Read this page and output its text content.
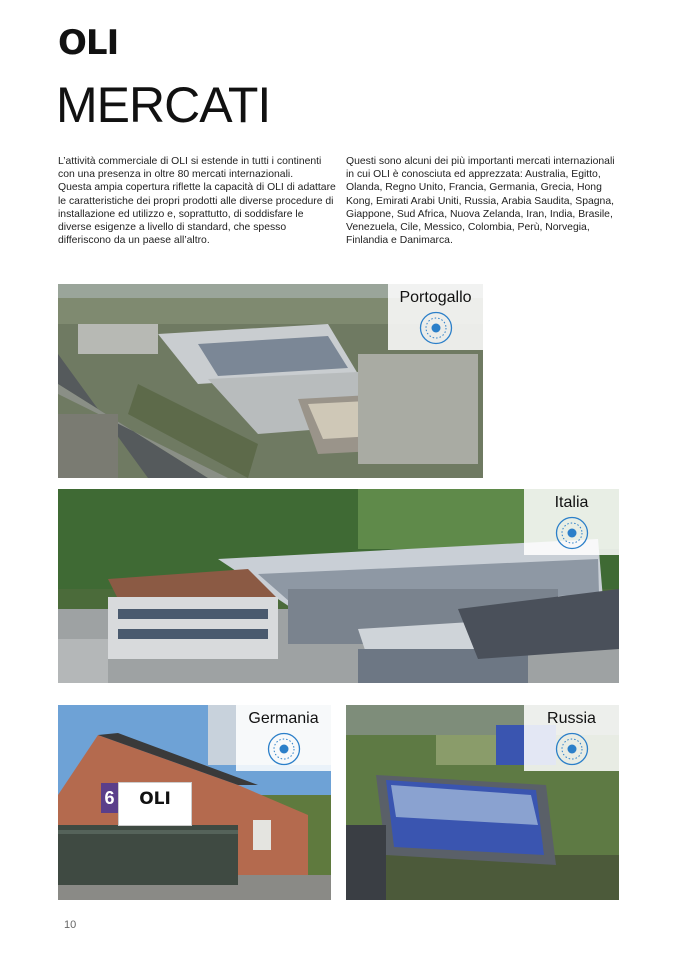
OLI
MERCATI

L’attività commerciale di OLI si estende in tutti i continenti con una presenza in oltre 80 mercati internazionali.

Questa ampia copertura riflette la capacità di OLI di adattare le caratteristiche dei propri prodotti alle diverse procedure di installazione ed utilizzo e, soprattutto, di soddisfare le diverse esigenze a livello di standard, che spesso differiscono da un paese all’altro.

Questi sono alcuni dei più importanti mercati internazionali in cui OLI è conosciuta ed apprezzata: Australia, Egitto, Olanda, Regno Unito, Francia, Germania, Grecia, Hong Kong, Emirati Arabi Uniti, Russia, Arabia Saudita, Spagna, Giappone, Sud Africa, Nuova Zelanda, Iran, India, Brasile, Venezuela, Cile, Messico, Colombia, Perù, Norvegia, Finlandia e Danimarca.

Portogallo
Italia
6	OLI
Germania	Russia
10
